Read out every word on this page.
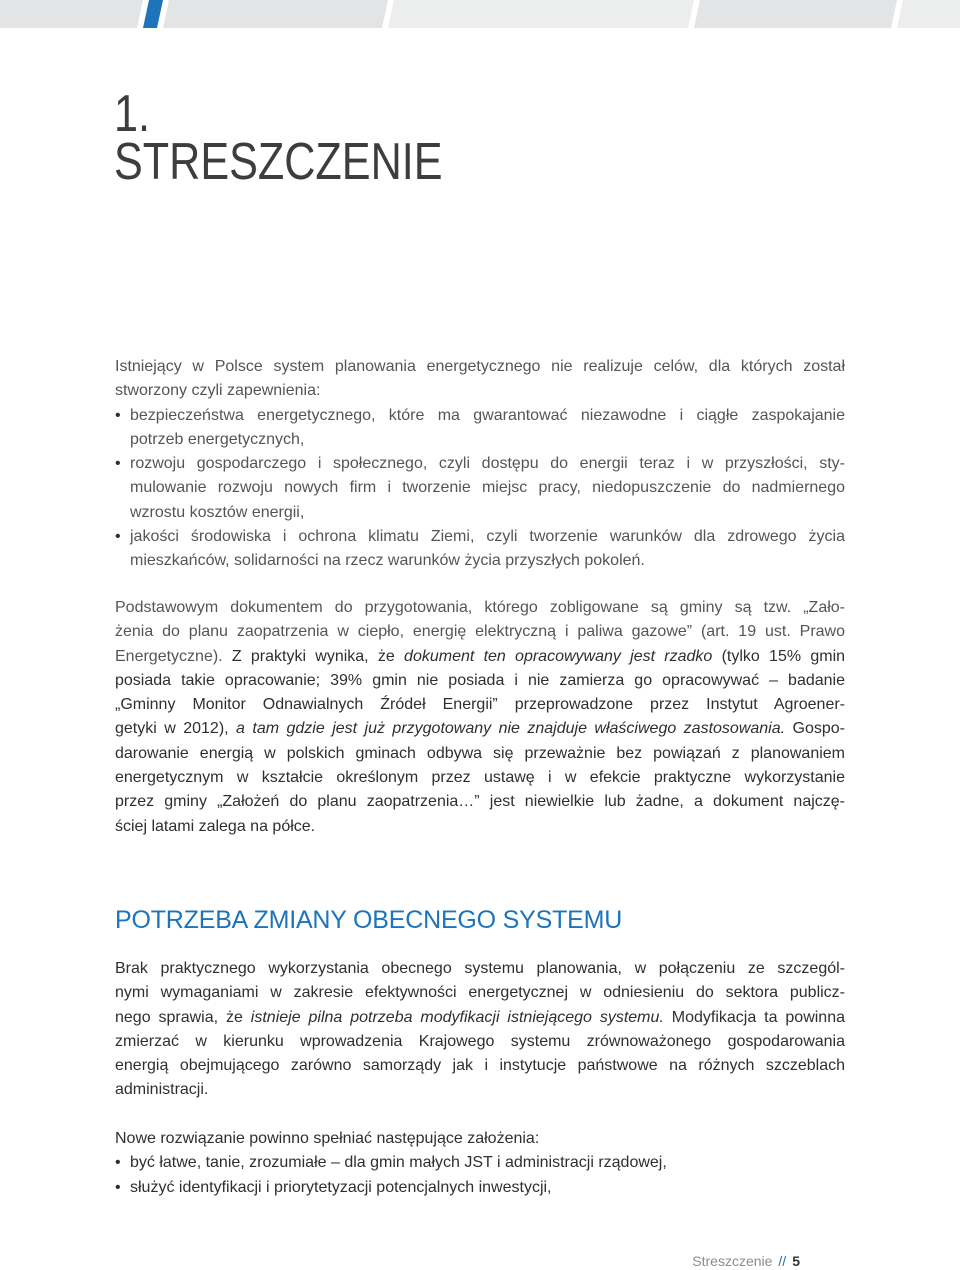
1.
STRESZCZENIE
Istniejący w Polsce system planowania energetycznego nie realizuje celów, dla których został
stworzony czyli zapewnienia:
• bezpieczeństwa energetycznego, które ma gwarantować niezawodne i ciągłe zaspokajanie
potrzeb energetycznych,
• rozwoju gospodarczego i społecznego, czyli dostępu do energii teraz i w przyszłości, sty-
mulowanie rozwoju nowych firm i tworzenie miejsc pracy, niedopuszczenie do nadmiernego
wzrostu kosztów energii,
• jakości środowiska i ochrona klimatu Ziemi, czyli tworzenie warunków dla zdrowego życia
mieszkańców, solidarności na rzecz warunków życia przyszłych pokoleń.
Podstawowym dokumentem do przygotowania, którego zobligowane są gminy są tzw. „Zało-
żenia do planu zaopatrzenia w ciepło, energię elektryczną i paliwa gazowe” (art. 19 ust. Prawo
Energetyczne). Z praktyki wynika, że dokument ten opracowywany jest rzadko (tylko 15% gmin
posiada takie opracowanie; 39% gmin nie posiada i nie zamierza go opracowywać – badanie
„Gminny Monitor Odnawialnych Źródeł Energii” przeprowadzone przez Instytut Agroener-
getyki w 2012), a tam gdzie jest już przygotowany nie znajduje właściwego zastosowania. Gospo-
darowanie energią w polskich gminach odbywa się przeważnie bez powiązań z planowaniem
energetycznym w kształcie określonym przez ustawę i w efekcie praktyczne wykorzystanie
przez gminy „Założeń do planu zaopatrzenia…” jest niewielkie lub żadne, a dokument najczę-
ściej latami zalega na półce.
POTRZEBA ZMIANY OBECNEGO SYSTEMU
Brak praktycznego wykorzystania obecnego systemu planowania, w połączeniu ze szczegól-
nymi wymaganiami w zakresie efektywności energetycznej w odniesieniu do sektora publicz-
nego sprawia, że istnieje pilna potrzeba modyfikacji istniejącego systemu. Modyfikacja ta powinna
zmierzać w kierunku wprowadzenia Krajowego systemu zrównoważonego gospodarowania
energią obejmującego zarówno samorządy jak i instytucje państwowe na różnych szczeblach
administracji.
Nowe rozwiązanie powinno spełniać następujące założenia:
• być łatwe, tanie, zrozumiałe – dla gmin małych JST i administracji rządowej,
• służyć identyfikacji i priorytetyzacji potencjalnych inwestycji,
Streszczenie // 5
